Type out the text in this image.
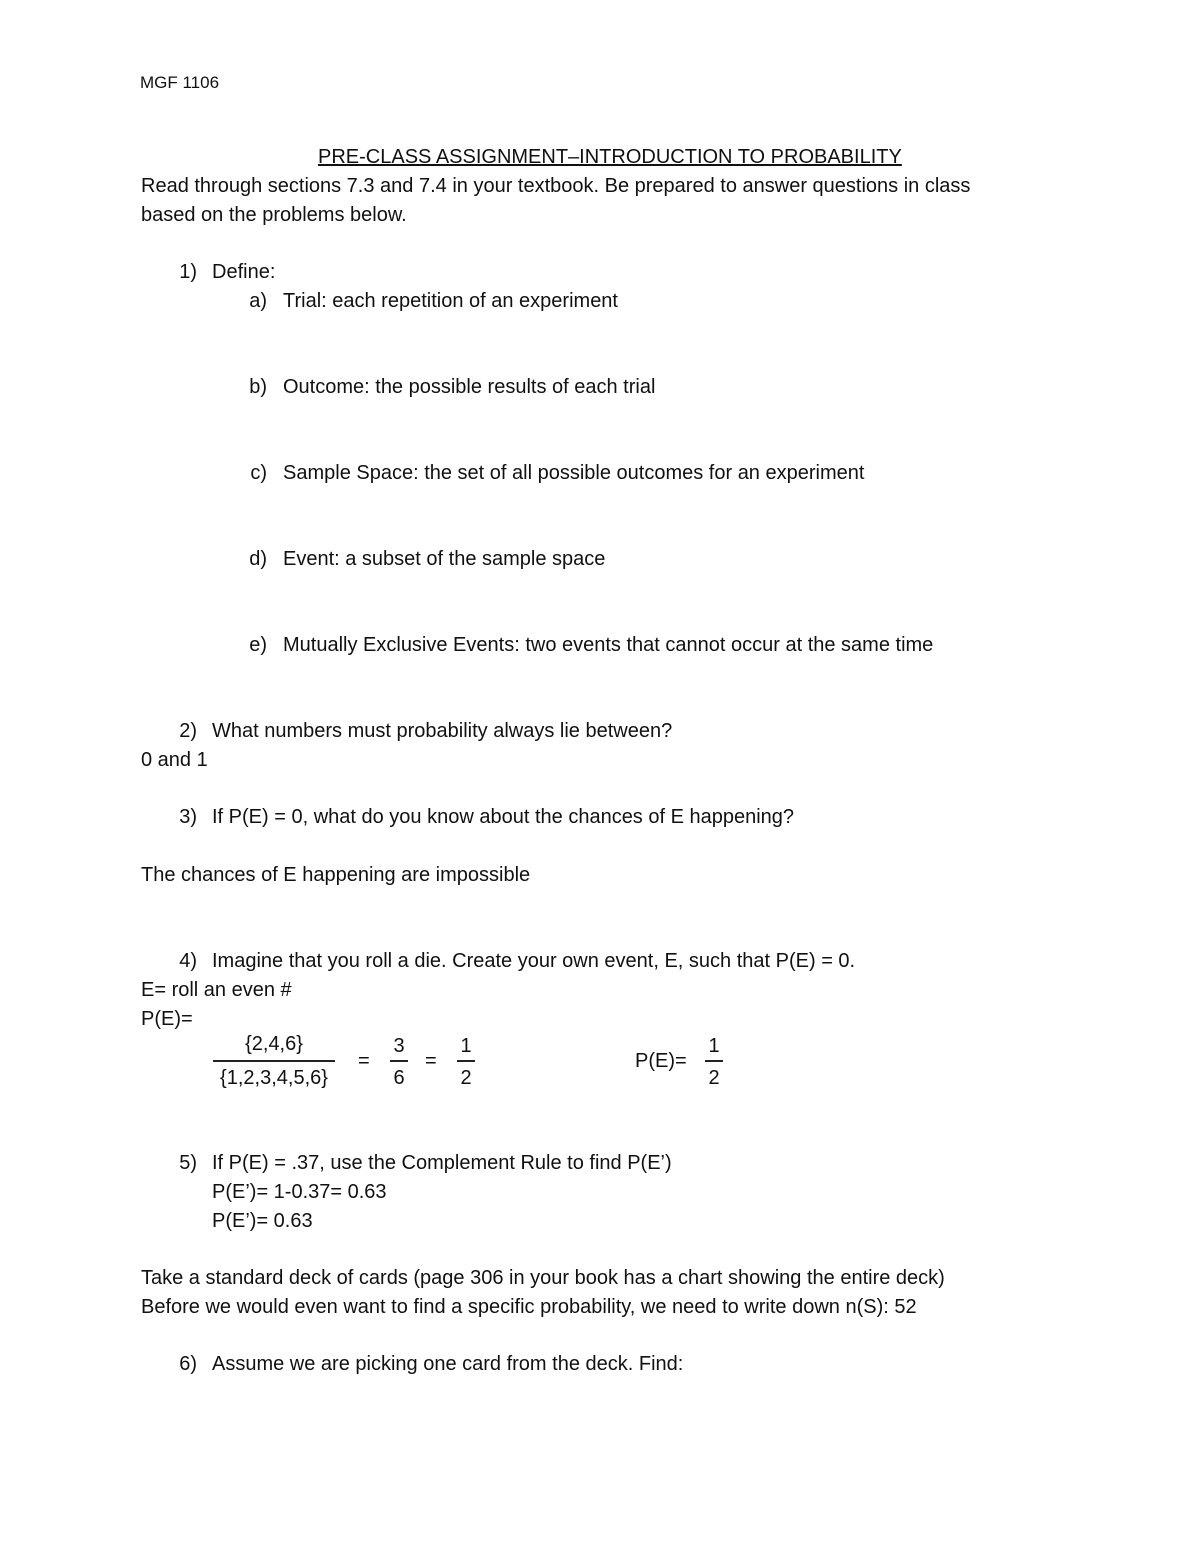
MGF 1106
PRE-CLASS ASSIGNMENT–INTRODUCTION TO PROBABILITY
Read through sections 7.3 and 7.4 in your textbook. Be prepared to answer questions in class
based on the problems below.
1) Define:
a) Trial: each repetition of an experiment
b) Outcome: the possible results of each trial
c) Sample Space: the set of all possible outcomes for an experiment
d) Event: a subset of the sample space
e) Mutually Exclusive Events: two events that cannot occur at the same time
2) What numbers must probability always lie between?
0 and 1
3) If P(E) = 0, what do you know about the chances of E happening?
The chances of E happening are impossible
4) Imagine that you roll a die. Create your own event, E, such that P(E) = 0.
E= roll an even #
P(E)=
{2,4,6}
{1,2,3,4,5,6}
=
3
6
=
1
2
P(E)=
1
2
5) If P(E) = .37, use the Complement Rule to find P(E’)
P(E’)= 1-0.37= 0.63
P(E’)= 0.63
Take a standard deck of cards (page 306 in your book has a chart showing the entire deck)
Before we would even want to find a specific probability, we need to write down n(S): 52
6) Assume we are picking one card from the deck. Find:
